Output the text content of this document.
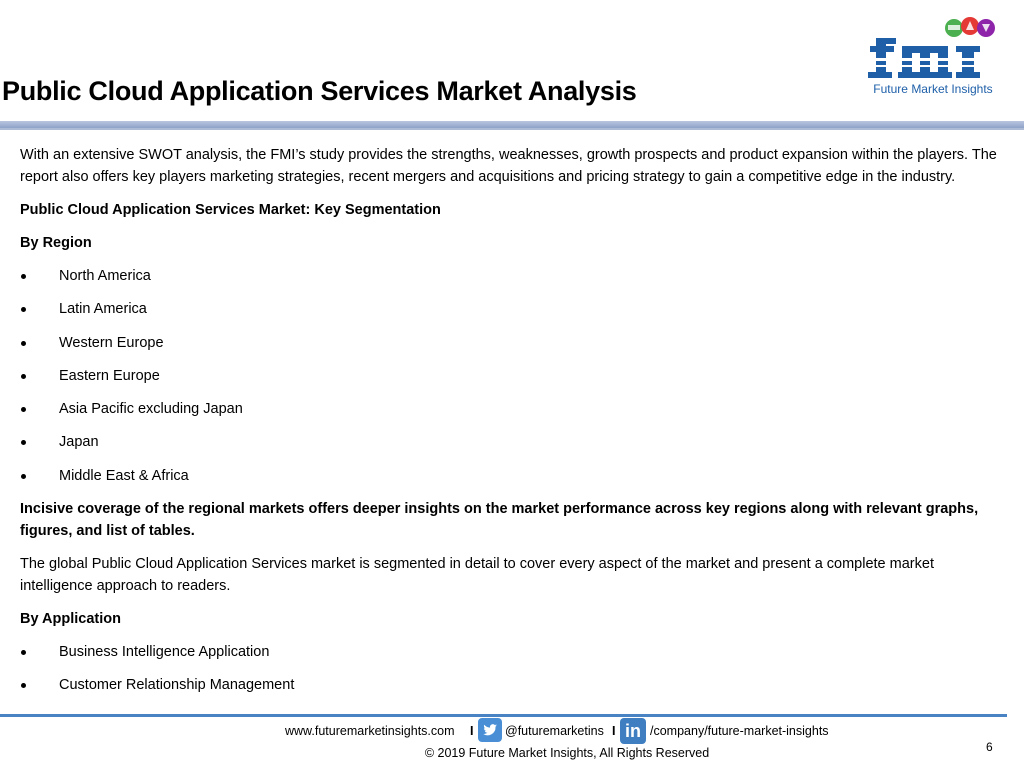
Public Cloud Application Services Market Analysis	Future Market Insights

With an extensive SWOT analysis, the FMI’s study provides the strengths, weaknesses, growth prospects and product expansion within the players. The report also offers key players marketing strategies, recent mergers and acquisitions and pricing strategy to gain a competitive edge in the industry.

Public Cloud Application Services Market: Key Segmentation

By Region

North America
Latin America
Western Europe
Eastern Europe
Asia Pacific excluding Japan
Japan
Middle East & Africa

Incisive coverage of the regional markets offers deeper insights on the market performance across key regions along with relevant graphs, figures, and list of tables.

The global Public Cloud Application Services market is segmented in detail to cover every aspect of the market and present a complete market intelligence approach to readers.

By Application

Business Intelligence Application
Customer Relationship Management
www.futuremarketinsights.com I	@futuremarketins I in /company/future-market-insights
© 2019 Future Market Insights, All Rights Reserved	6
